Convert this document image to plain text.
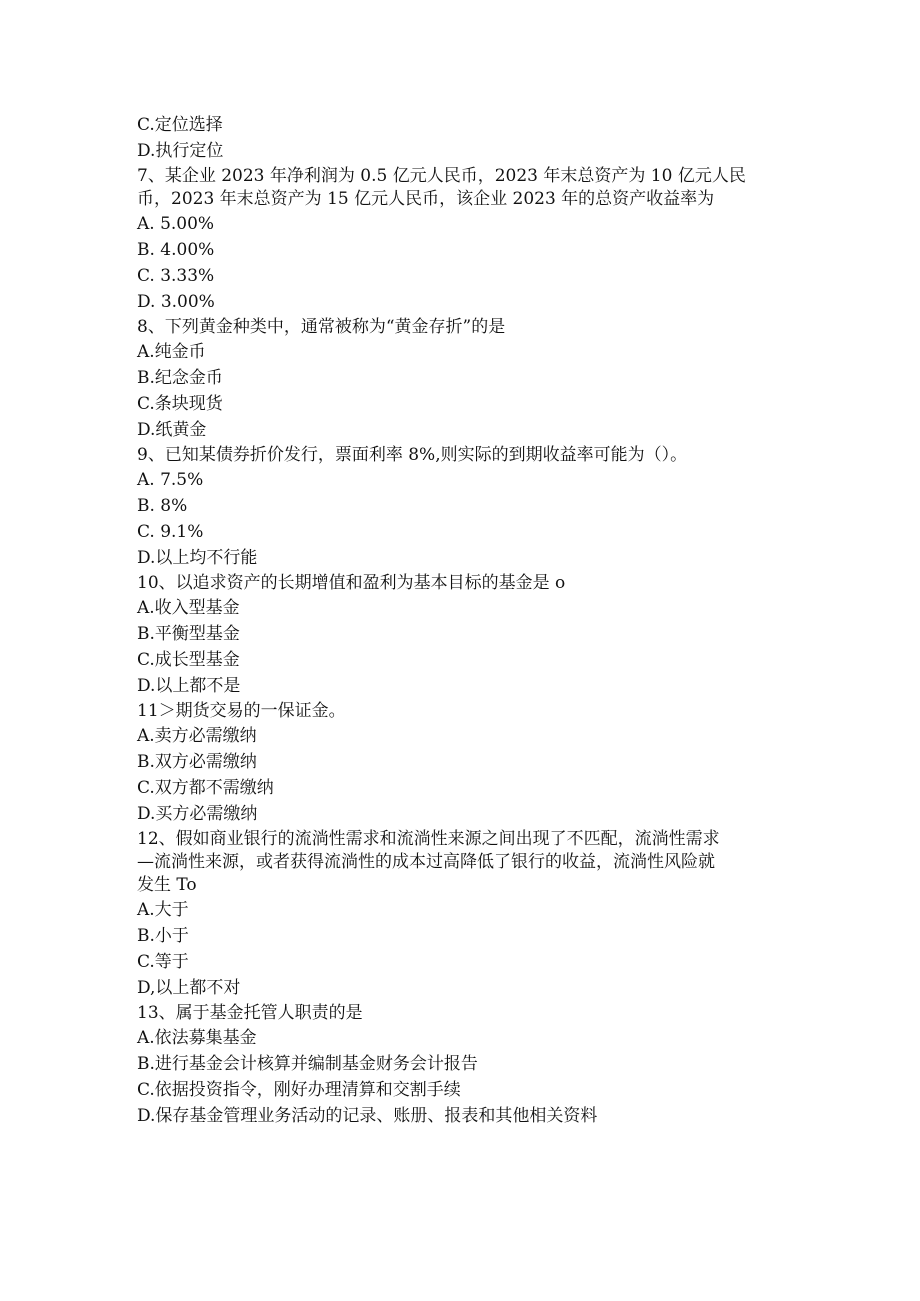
C.定位选择
D.执行定位
7、某企业 2023 年净利润为 0.5 亿元人民币，2023 年末总资产为 10 亿元人民
币，2023 年末总资产为 15 亿元人民币，该企业 2023 年的总资产收益率为
A. 5.00%
B. 4.00%
C. 3.33%
D. 3.00%
8、下列黄金种类中，通常被称为“黄金存折”的是
A.纯金币
B.纪念金币
C.条块现货
D.纸黄金
9、已知某债券折价发行，票面利率 8%,则实际的到期收益率可能为（）。
A. 7.5%
B. 8%
C. 9.1%
D.以上均不行能
10、以追求资产的长期增值和盈利为基本目标的基金是 o
A.收入型基金
B.平衡型基金
C.成长型基金
D.以上都不是
11＞期货交易的一保证金。
A.卖方必需缴纳
B.双方必需缴纳
C.双方都不需缴纳
D.买方必需缴纳
12、假如商业银行的流淌性需求和流淌性来源之间出现了不匹配，流淌性需求
—流淌性来源，或者获得流淌性的成本过高降低了银行的收益，流淌性风险就
发生 To
A.大于
B.小于
C.等于
D,以上都不对
13、属于基金托管人职责的是
A.依法募集基金
B.进行基金会计核算并编制基金财务会计报告
C.依据投资指令，刚好办理清算和交割手续
D.保存基金管理业务活动的记录、账册、报表和其他相关资料
